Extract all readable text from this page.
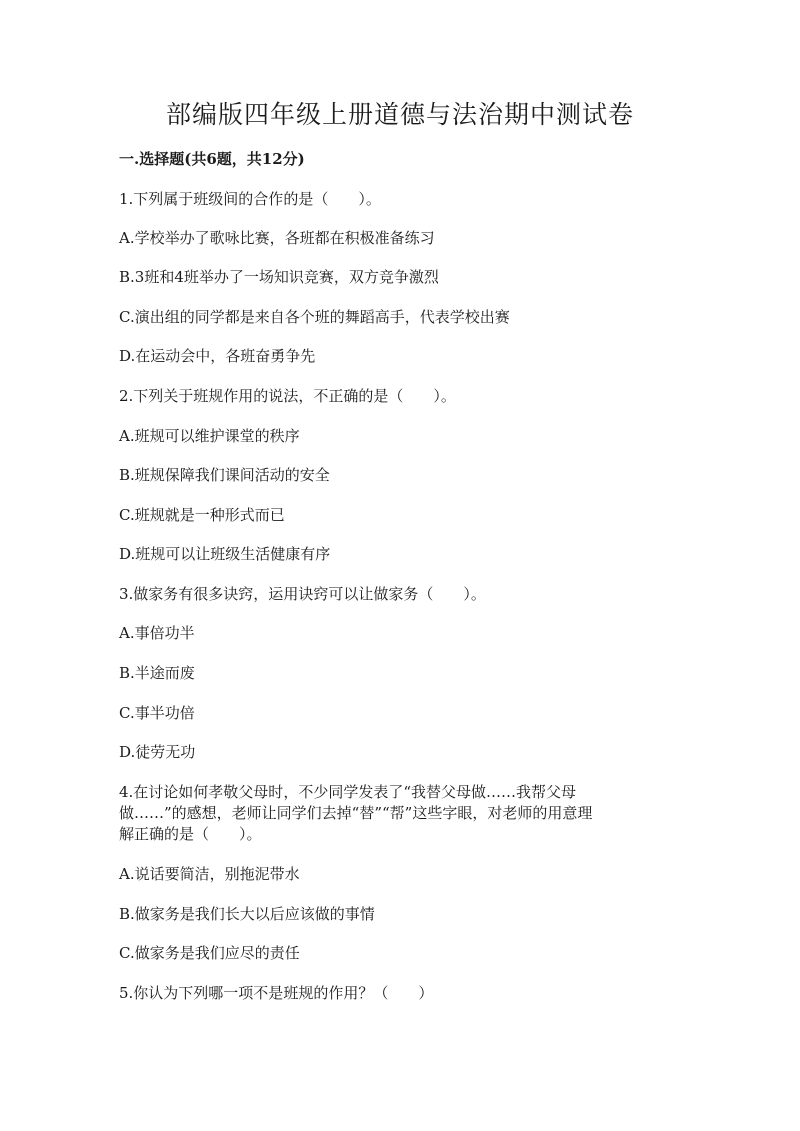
部编版四年级上册道德与法治期中测试卷

一.选择题(共6题，共12分)

1.下列属于班级间的合作的是（　　）。

A.学校举办了歌咏比赛，各班都在积极准备练习

B.3班和4班举办了一场知识竞赛，双方竞争激烈

C.演出组的同学都是来自各个班的舞蹈高手，代表学校出赛

D.在运动会中，各班奋勇争先

2.下列关于班规作用的说法，不正确的是（　　）。

A.班规可以维护课堂的秩序

B.班规保障我们课间活动的安全

C.班规就是一种形式而已

D.班规可以让班级生活健康有序

3.做家务有很多诀窍，运用诀窍可以让做家务（　　）。

A.事倍功半

B.半途而废

C.事半功倍

D.徒劳无功

4.在讨论如何孝敬父母时，不少同学发表了“我替父母做……我帮父母

做……”的感想，老师让同学们去掉“替”“帮”这些字眼，对老师的用意理

解正确的是（　　）。

A.说话要简洁，别拖泥带水

B.做家务是我们长大以后应该做的事情

C.做家务是我们应尽的责任

5.你认为下列哪一项不是班规的作用？（　　）
